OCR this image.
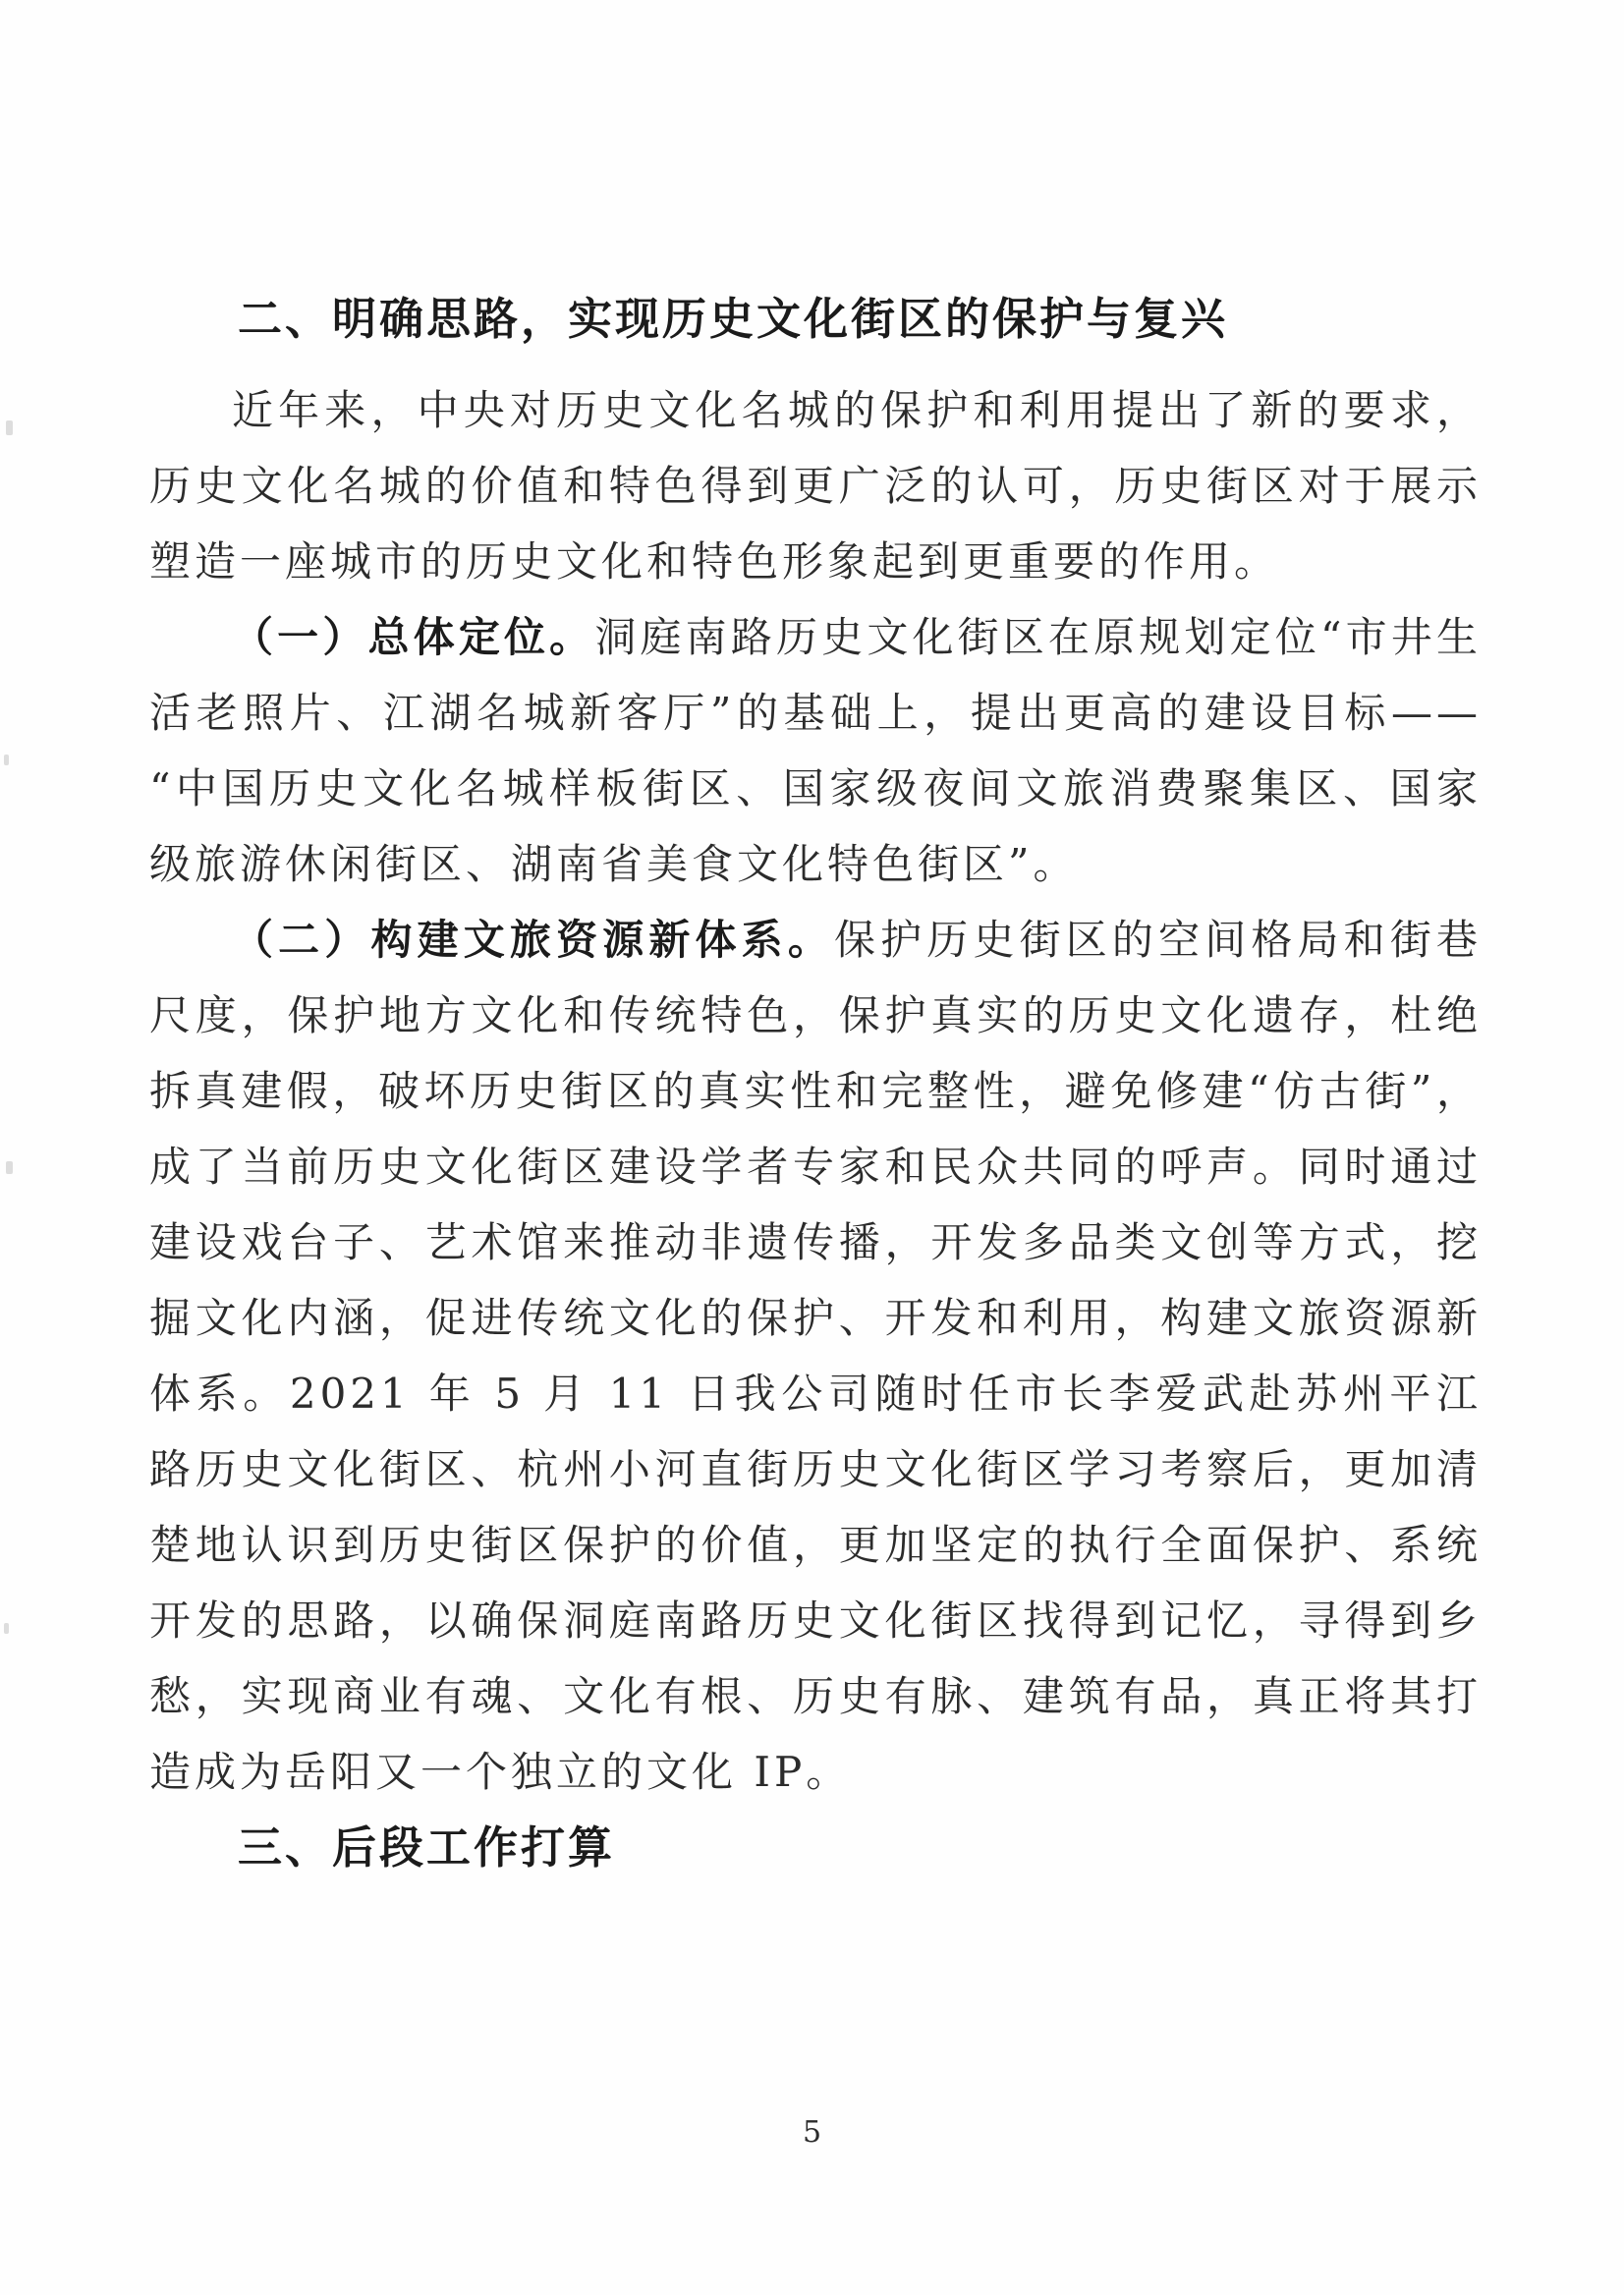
二、明确思路，实现历史文化街区的保护与复兴

近年来，中央对历史文化名城的保护和利用提出了新的要求，历史文化名城的价值和特色得到更广泛的认可，历史街区对于展示塑造一座城市的历史文化和特色形象起到更重要的作用。

（一）总体定位。洞庭南路历史文化街区在原规划定位“市井生活老照片、江湖名城新客厅”的基础上，提出更高的建设目标——“中国历史文化名城样板街区、国家级夜间文旅消费聚集区、国家级旅游休闲街区、湖南省美食文化特色街区”。

（二）构建文旅资源新体系。保护历史街区的空间格局和街巷尺度，保护地方文化和传统特色，保护真实的历史文化遗存，杜绝拆真建假，破坏历史街区的真实性和完整性，避免修建“仿古街”，成了当前历史文化街区建设学者专家和民众共同的呼声。同时通过建设戏台子、艺术馆来推动非遗传播，开发多品类文创等方式，挖掘文化内涵，促进传统文化的保护、开发和利用，构建文旅资源新体系。2021 年 5 月 11 日我公司随时任市长李爱武赴苏州平江路历史文化街区、杭州小河直街历史文化街区学习考察后，更加清楚地认识到历史街区保护的价值，更加坚定的执行全面保护、系统开发的思路，以确保洞庭南路历史文化街区找得到记忆，寻得到乡愁，实现商业有魂、文化有根、历史有脉、建筑有品，真正将其打造成为岳阳又一个独立的文化 IP。

三、后段工作打算
5
